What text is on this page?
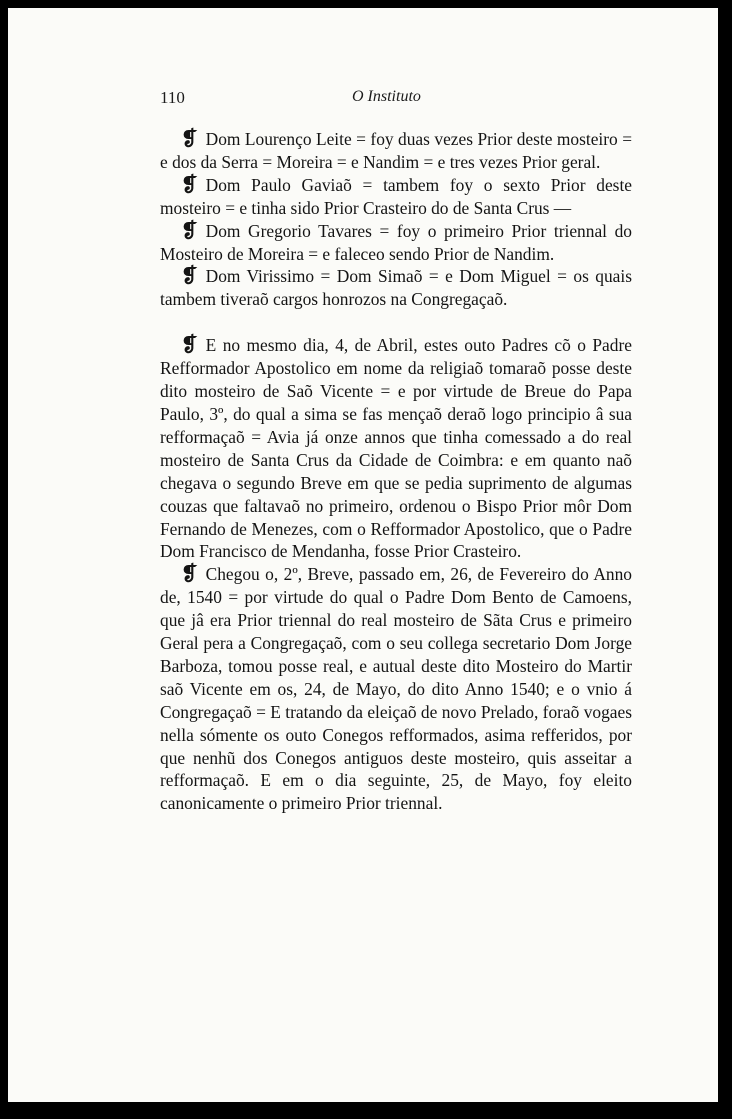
110	O Instituto

❡ Dom Lourenço Leite = foy duas vezes Prior deste mosteiro = e dos da Serra = Moreira = e Nandim = e tres vezes Prior geral.

❡ Dom Paulo Gaviaõ = tambem foy o sexto Prior deste mosteiro = e tinha sido Prior Crasteiro do de Santa Crus —

❡ Dom Gregorio Tavares = foy o primeiro Prior triennal do Mosteiro de Moreira = e faleceo sendo Prior de Nandim.

❡ Dom Virissimo = Dom Simaõ = e Dom Miguel = os quais tambem tiveraõ cargos honrozos na Congregaçaõ.

❡ E no mesmo dia, 4, de Abril, estes outo Padres cõ o Padre Refformador Apostolico em nome da religiaõ tomaraõ posse deste dito mosteiro de Saõ Vicente = e por virtude de Breue do Papa Paulo, 3º, do qual a sima se fas mençaõ deraõ logo principio â sua refformaçaõ = Avia já onze annos que tinha comessado a do real mosteiro de Santa Crus da Cidade de Coimbra: e em quanto naõ chegava o segundo Breve em que se pedia suprimento de algumas couzas que faltavaõ no primeiro, ordenou o Bispo Prior môr Dom Fernando de Menezes, com o Refformador Apostolico, que o Padre Dom Francisco de Mendanha, fosse Prior Crasteiro.

❡ Chegou o, 2º, Breve, passado em, 26, de Fevereiro do Anno de, 1540 = por virtude do qual o Padre Dom Bento de Camoens, que jâ era Prior triennal do real mosteiro de Sãta Crus e primeiro Geral pera a Congregaçaõ, com o seu collega secretario Dom Jorge Barboza, tomou posse real, e autual deste dito Mosteiro do Martir saõ Vicente em os, 24, de Mayo, do dito Anno 1540; e o vnio á Congregaçaõ = E tratando da eleiçaõ de novo Prelado, foraõ vogaes nella sómente os outo Conegos refformados, asima refferidos, por que nenhũ dos Conegos antiguos deste mosteiro, quis asseitar a refformaçaõ. E em o dia seguinte, 25, de Mayo, foy eleito canonicamente o primeiro Prior triennal.
